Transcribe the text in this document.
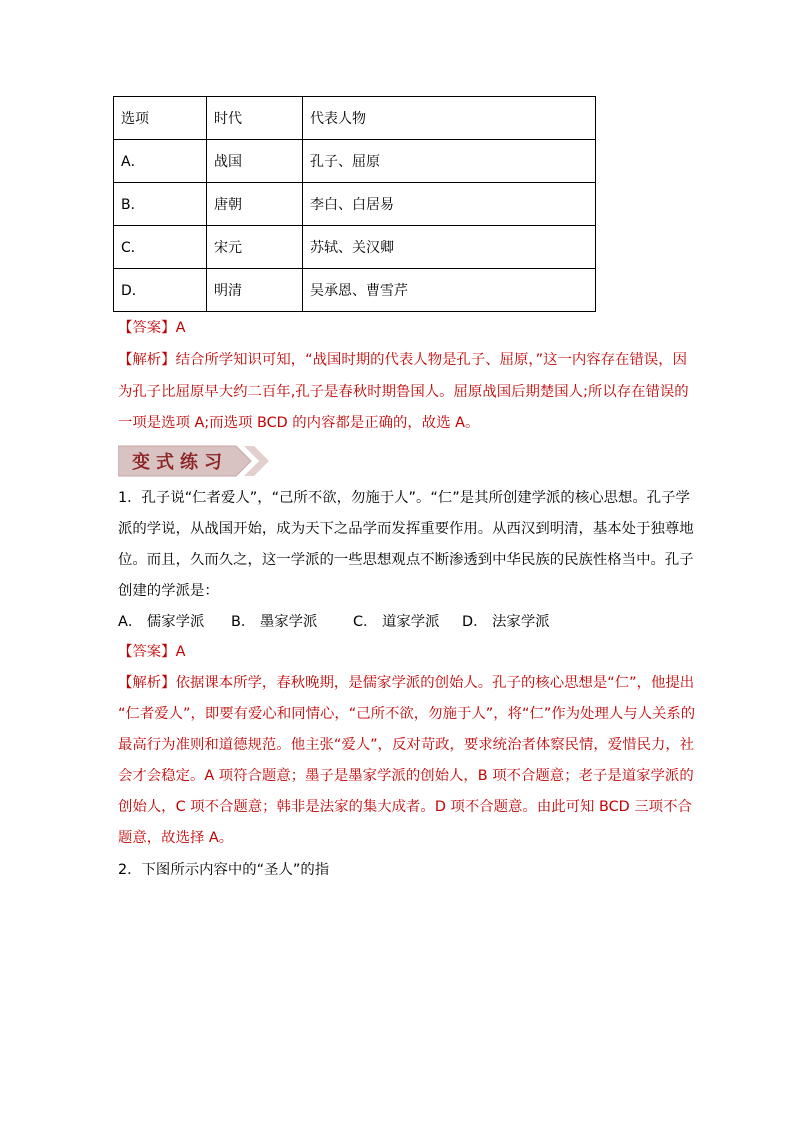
选项	时代	代表人物
A．	战国	孔子、屈原
B．	唐朝	李白、白居易
C．	宋元	苏轼、关汉卿
D．	明清	吴承恩、曹雪芹
【答案】A
【解析】结合所学知识可知，“战国时期的代表人物是孔子、屈原，”这一内容存在错误，因
为孔子比屈原早大约二百年,孔子是春秋时期鲁国人。屈原战国后期楚国人;所以存在错误的
一项是选项 A;而选项 BCD 的内容都是正确的，故选 A。
变式练习
1．孔子说“仁者爱人”，“己所不欲，勿施于人”。“仁”是其所创建学派的核心思想。孔子学
派的学说，从战国开始，成为天下之品学而发挥重要作用。从西汉到明清，基本处于独尊地
位。而且，久而久之，这一学派的一些思想观点不断渗透到中华民族的民族性格当中。孔子
创建的学派是：
A． 儒家学派 B． 墨家学派 C． 道家学派 D． 法家学派
【答案】A
【解析】依据课本所学，春秋晚期，是儒家学派的创始人。孔子的核心思想是“仁”，他提出
“仁者爱人”，即要有爱心和同情心，“己所不欲，勿施于人”，将“仁”作为处理人与人关系的
最高行为准则和道德规范。他主张“爱人”，反对苛政，要求统治者体察民情，爱惜民力，社
会才会稳定。A 项符合题意；墨子是墨家学派的创始人，B 项不合题意；老子是道家学派的
创始人，C 项不合题意；韩非是法家的集大成者。D 项不合题意。由此可知 BCD 三项不合
题意，故选择 A。
2．下图所示内容中的“圣人”的指
